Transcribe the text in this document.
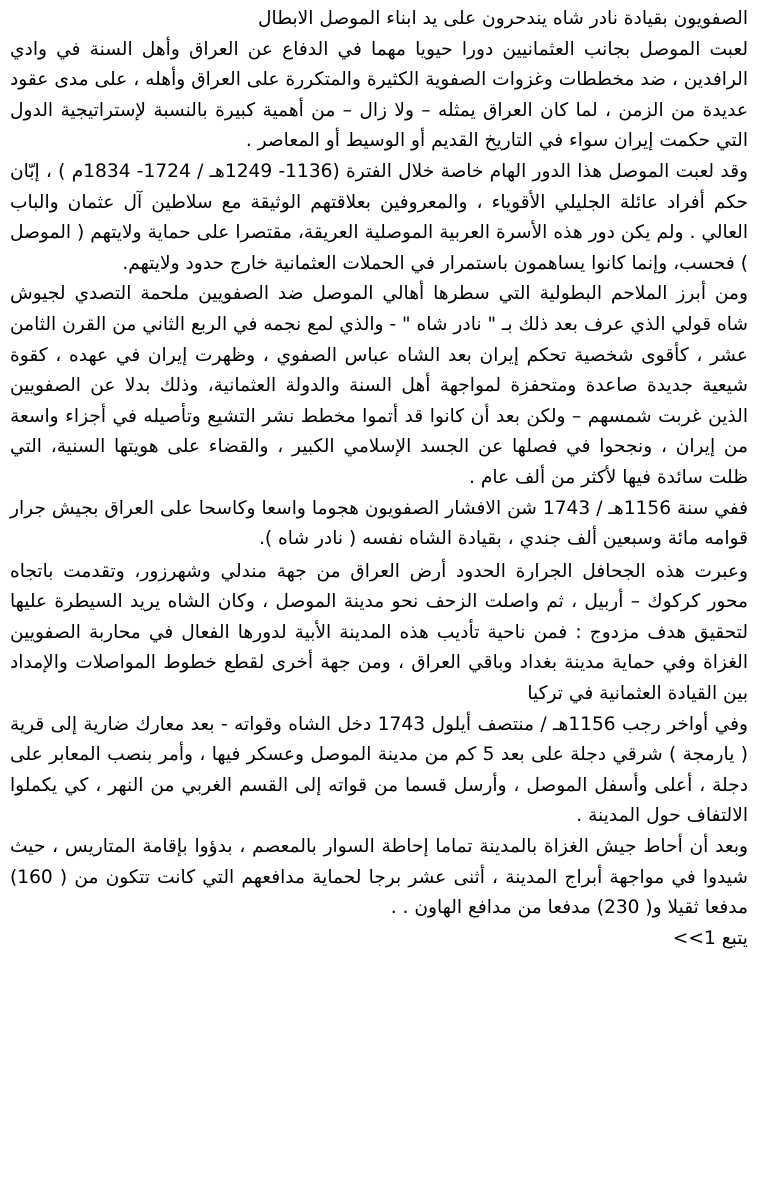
الصفويون بقيادة نادر شاه يندحرون على يد ابناء الموصل الابطال

لعبت الموصل بجانب العثمانيين دورا حيويا مهما في الدفاع عن العراق وأهل السنة في وادي الرافدين ، ضد مخططات وغزوات الصفوية الكثيرة والمتكررة على العراق وأهله ، على مدى عقود عديدة من الزمن ، لما كان العراق يمثله – ولا زال – من أهمية كبيرة بالنسبة لإستراتيجية الدول التي حكمت إيران سواء في التاريخ القديم أو الوسيط أو المعاصر .

وقد لعبت الموصل هذا الدور الهام خاصة خلال الفترة (1136- 1249هـ / 1724- 1834م ) ، إبّان حكم أفراد عائلة الجليلي الأقوياء ، والمعروفين بعلاقتهم الوثيقة مع سلاطين آل عثمان والباب العالي . ولم يكن دور هذه الأسرة العربية الموصلية العريقة، مقتصرا على حماية ولايتهم ( الموصل ) فحسب، وإنما كانوا يساهمون باستمرار في الحملات العثمانية خارج حدود ولايتهم.

ومن أبرز الملاحم البطولية التي سطرها أهالي الموصل ضد الصفويين ملحمة التصدي لجيوش شاه قولي الذي عرف بعد ذلك بـ " نادر شاه " - والذي لمع نجمه في الربع الثاني من القرن الثامن عشر ، كأقوى شخصية تحكم إيران بعد الشاه عباس الصفوي ، وظهرت إيران في عهده ، كقوة شيعية جديدة صاعدة ومتحفزة لمواجهة أهل السنة والدولة العثمانية، وذلك بدلا عن الصفويين الذين غربت شمسهم – ولكن بعد أن كانوا قد أتموا مخطط نشر التشيع وتأصيله في أجزاء واسعة من إيران ، ونجحوا في فصلها عن الجسد الإسلامي الكبير ، والقضاء على هويتها السنية، التي ظلت سائدة فيها لأكثر من ألف عام .

ففي سنة 1156هـ / 1743 شن الافشار الصفويون هجوما واسعا وكاسحا على العراق بجيش جرار قوامه مائة وسبعين ألف جندي ، بقيادة الشاه نفسه ( نادر شاه ).

وعبرت هذه الجحافل الجرارة الحدود أرض العراق من جهة مندلي وشهرزور، وتقدمت باتجاه محور كركوك – أربيل ، ثم واصلت الزحف نحو مدينة الموصل ، وكان الشاه يريد السيطرة عليها لتحقيق هدف مزدوج : فمن ناحية تأديب هذه المدينة الأبية لدورها الفعال في محاربة الصفويين الغزاة وفي حماية مدينة بغداد وباقي العراق ، ومن جهة أخرى لقطع خطوط المواصلات والإمداد بين القيادة العثمانية في تركيا

وفي أواخر رجب 1156هـ / منتصف أيلول 1743 دخل الشاه وقواته - بعد معارك ضارية إلى قرية ( يارمجة ) شرقي دجلة على بعد 5 كم من مدينة الموصل وعسكر فيها ، وأمر بنصب المعابر على دجلة ، أعلى وأسفل الموصل ، وأرسل قسما من قواته إلى القسم الغربي من النهر ، كي يكملوا الالتفاف حول المدينة .

وبعد أن أحاط جيش الغزاة بالمدينة تماما إحاطة السوار بالمعصم ، بدؤوا بإقامة المتاريس ، حيث شيدوا في مواجهة أبراج المدينة ، أثنى عشر برجا لحماية مدافعهم التي كانت تتكون من ( 160) مدفعا ثقيلا و( 230) مدفعا من مدافع الهاون . .

يتبع 1>>
